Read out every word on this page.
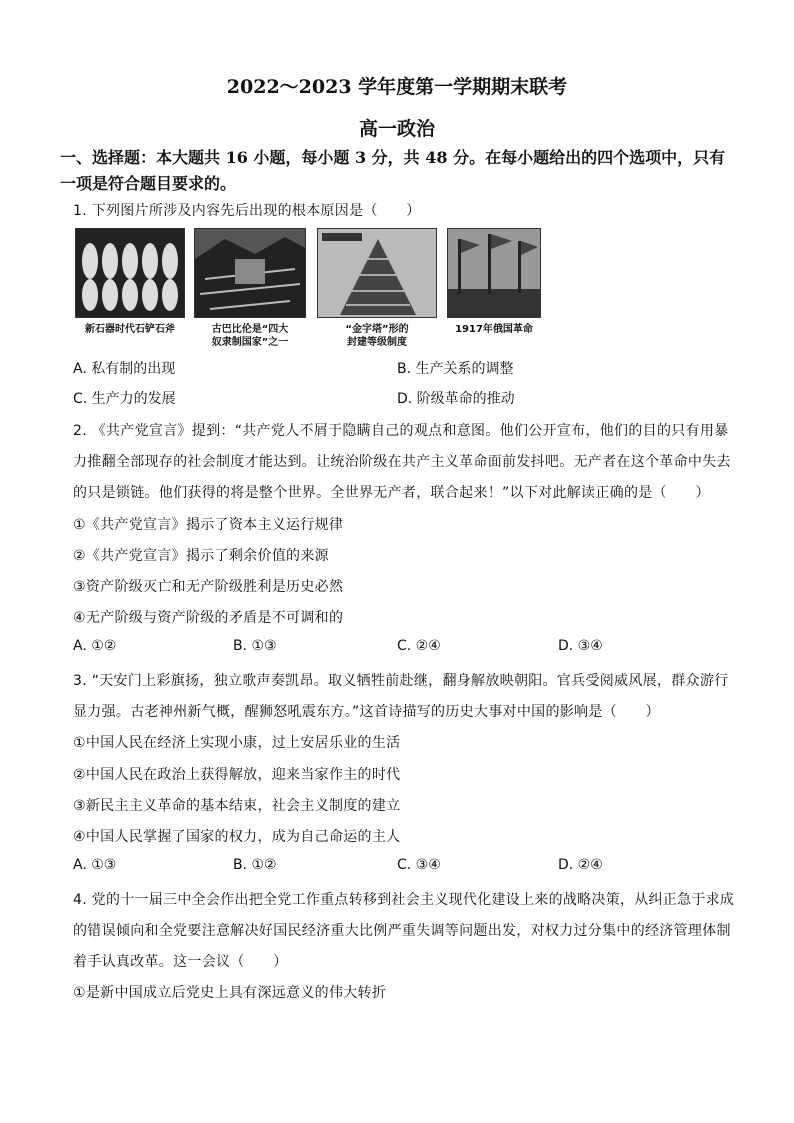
2022～2023 学年度第一学期期末联考
高一政治
一、选择题：本大题共 16 小题，每小题 3 分，共 48 分。在每小题给出的四个选项中，只有
一项是符合题目要求的。
1. 下列图片所涉及内容先后出现的根本原因是（　　）
新石器时代石铲石斧	古巴比伦是“四大
奴隶制国家”之一
“金字塔”形的
封建等级制度
1917年俄国革命
A. 私有制的出现	B. 生产关系的调整
C. 生产力的发展	D. 阶级革命的推动
2. 《共产党宣言》提到：“共产党人不屑于隐瞒自己的观点和意图。他们公开宣布，他们的目的只有用暴
力推翻全部现存的社会制度才能达到。让统治阶级在共产主义革命面前发抖吧。无产者在这个革命中失去
的只是锁链。他们获得的将是整个世界。全世界无产者，联合起来！”以下对此解读正确的是（　　）
①《共产党宣言》揭示了资本主义运行规律
②《共产党宣言》揭示了剩余价值的来源
③资产阶级灭亡和无产阶级胜利是历史必然
④无产阶级与资产阶级的矛盾是不可调和的
A. ①②	B. ①③	C. ②④	D. ③④
3. “天安门上彩旗扬，独立歌声奏凯昂。取义牺牲前赴继，翻身解放映朝阳。官兵受阅威风展，群众游行
显力强。古老神州新气概，醒狮怒吼震东方。”这首诗描写的历史大事对中国的影响是（　　）
①中国人民在经济上实现小康，过上安居乐业的生活
②中国人民在政治上获得解放，迎来当家作主的时代
③新民主主义革命的基本结束，社会主义制度的建立
④中国人民掌握了国家的权力，成为自己命运的主人
A. ①③	B. ①②	C. ③④	D. ②④
4. 党的十一届三中全会作出把全党工作重点转移到社会主义现代化建设上来的战略决策，从纠正急于求成
的错误倾向和全党要注意解决好国民经济重大比例严重失调等问题出发，对权力过分集中的经济管理体制
着手认真改革。这一会议（　　）
①是新中国成立后党史上具有深远意义的伟大转折
